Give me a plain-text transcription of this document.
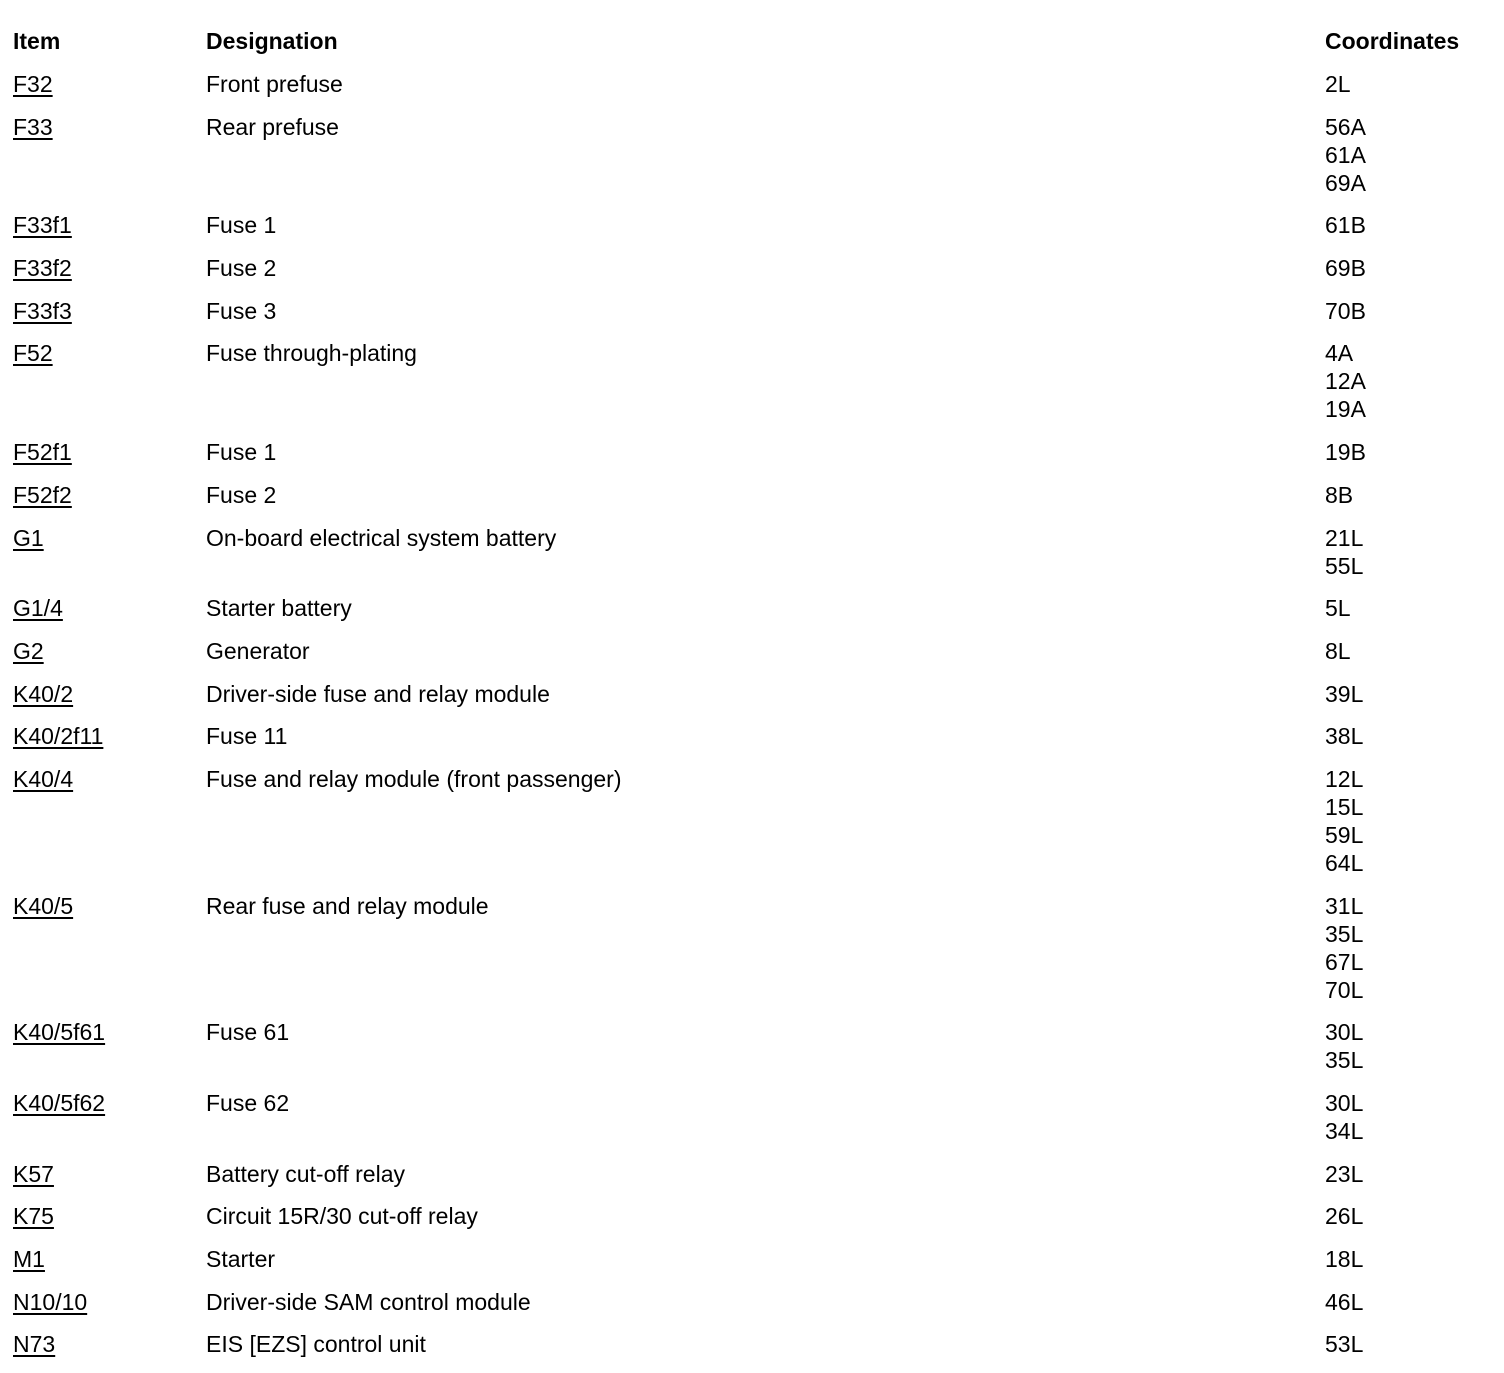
Item	Designation	Coordinates
F32	Front prefuse	2L
F33	Rear prefuse	56A
61A
69A
F33f1	Fuse 1	61B
F33f2	Fuse 2	69B
F33f3	Fuse 3	70B
F52	Fuse through-plating	4A
12A
19A
F52f1	Fuse 1	19B
F52f2	Fuse 2	8B
G1	On-board electrical system battery	21L
55L
G1/4	Starter battery	5L
G2	Generator	8L
K40/2	Driver-side fuse and relay module	39L
K40/2f11	Fuse 11	38L
K40/4	Fuse and relay module (front passenger)	12L
15L
59L
64L
K40/5	Rear fuse and relay module	31L
35L
67L
70L
K40/5f61	Fuse 61	30L
35L
K40/5f62	Fuse 62	30L
34L
K57	Battery cut-off relay	23L
K75	Circuit 15R/30 cut-off relay	26L
M1	Starter	18L
N10/10	Driver-side SAM control module	46L
N73	EIS [EZS] control unit	53L
